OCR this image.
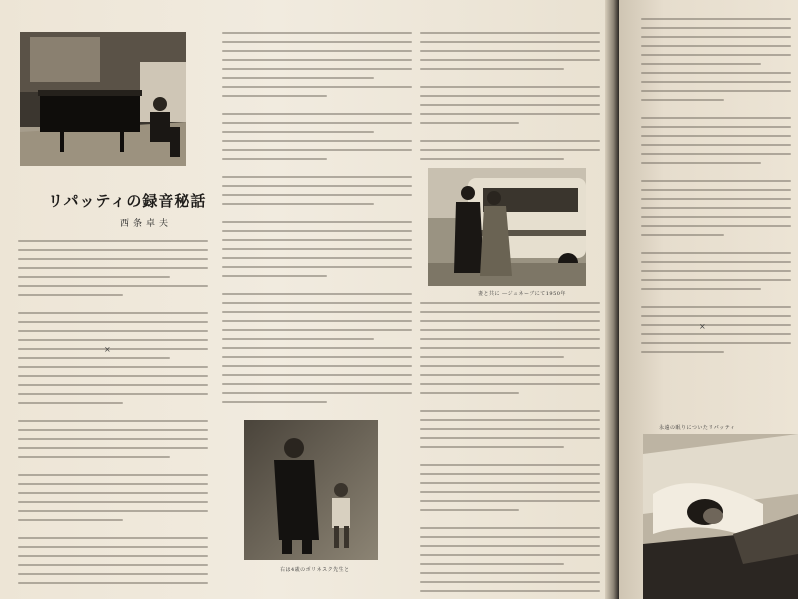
リパッティの録音秘話
西条卓夫
右は4歳のポリネスク先生と
妻と共に ―ジュネーブにて1950年
×
×
永遠の眠りについたリパッティ
